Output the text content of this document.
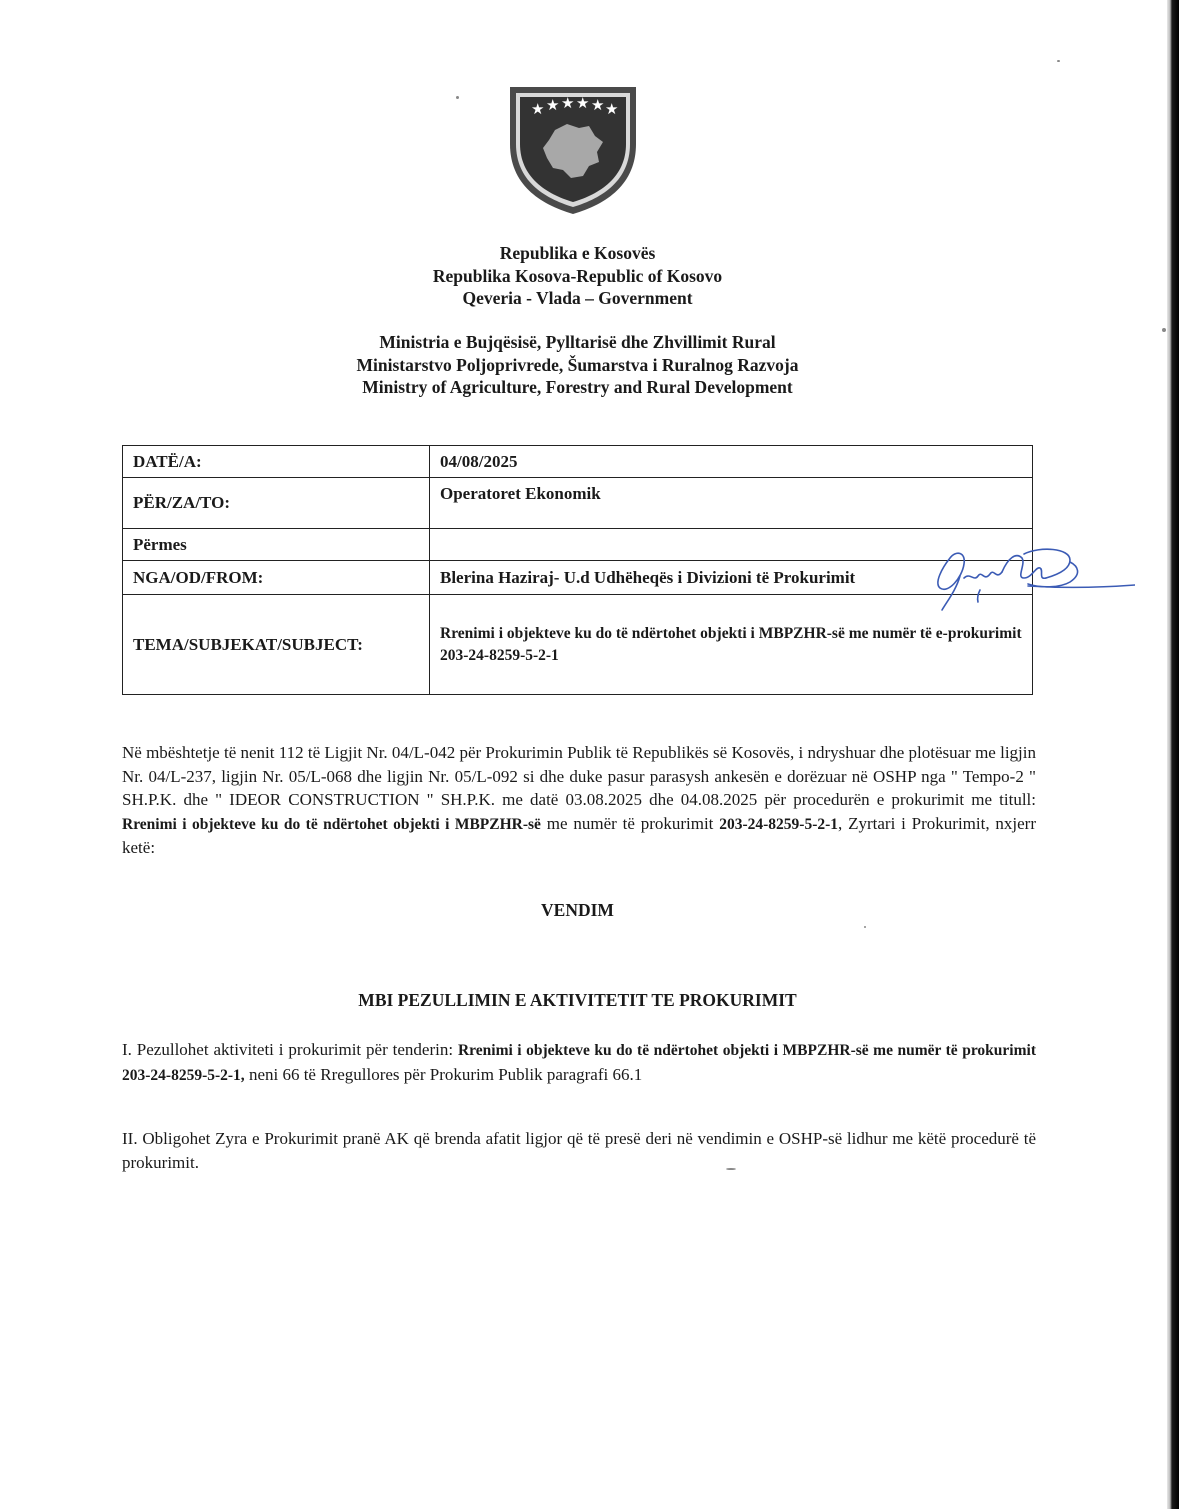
★ ★ ★ ★ ★ ★
Republika e Kosovës
Republika Kosova-Republic of Kosovo
Qeveria - Vlada – Government
Ministria e Bujqësisë, Pylltarisë dhe Zhvillimit Rural
Ministarstvo Poljoprivrede, Šumarstva i Ruralnog Razvoja
Ministry of Agriculture, Forestry and Rural Development
DATË/A:	04/08/2025
PËR/ZA/TO:	Operatoret Ekonomik
Përmes	
NGA/OD/FROM:	Blerina Haziraj- U.d Udhëheqës i Divizioni të Prokurimit
TEMA/SUBJEKAT/SUBJECT:	Rrenimi i objekteve ku do të ndërtohet objekti i MBPZHR-së me numër të e-prokurimit 203-24-8259-5-2-1
Në mbështetje të nenit 112 të Ligjit Nr. 04/L-042 për Prokurimin Publik të Republikës së Kosovës, i ndryshuar dhe plotësuar me ligjin Nr. 04/L-237, ligjin Nr. 05/L-068 dhe ligjin Nr. 05/L-092 si dhe duke pasur parasysh ankesën e dorëzuar në OSHP nga " Tempo-2 " SH.P.K. dhe " IDEOR CONSTRUCTION " SH.P.K. me datë 03.08.2025 dhe 04.08.2025 për procedurën e prokurimit me titull: Rrenimi i objekteve ku do të ndërtohet objekti i MBPZHR-së me numër të prokurimit 203-24-8259-5-2-1, Zyrtari i Prokurimit, nxjerr ketë:
VENDIM
MBI PEZULLIMIN E AKTIVITETIT TE PROKURIMIT
I. Pezullohet aktiviteti i prokurimit për tenderin: Rrenimi i objekteve ku do të ndërtohet objekti i MBPZHR-së me numër të prokurimit 203-24-8259-5-2-1, neni 66 të Rregullores për Prokurim Publik paragrafi 66.1
II. Obligohet Zyra e Prokurimit pranë AK që brenda afatit ligjor që të presë deri në vendimin e OSHP-së lidhur me këtë procedurë të prokurimit.
